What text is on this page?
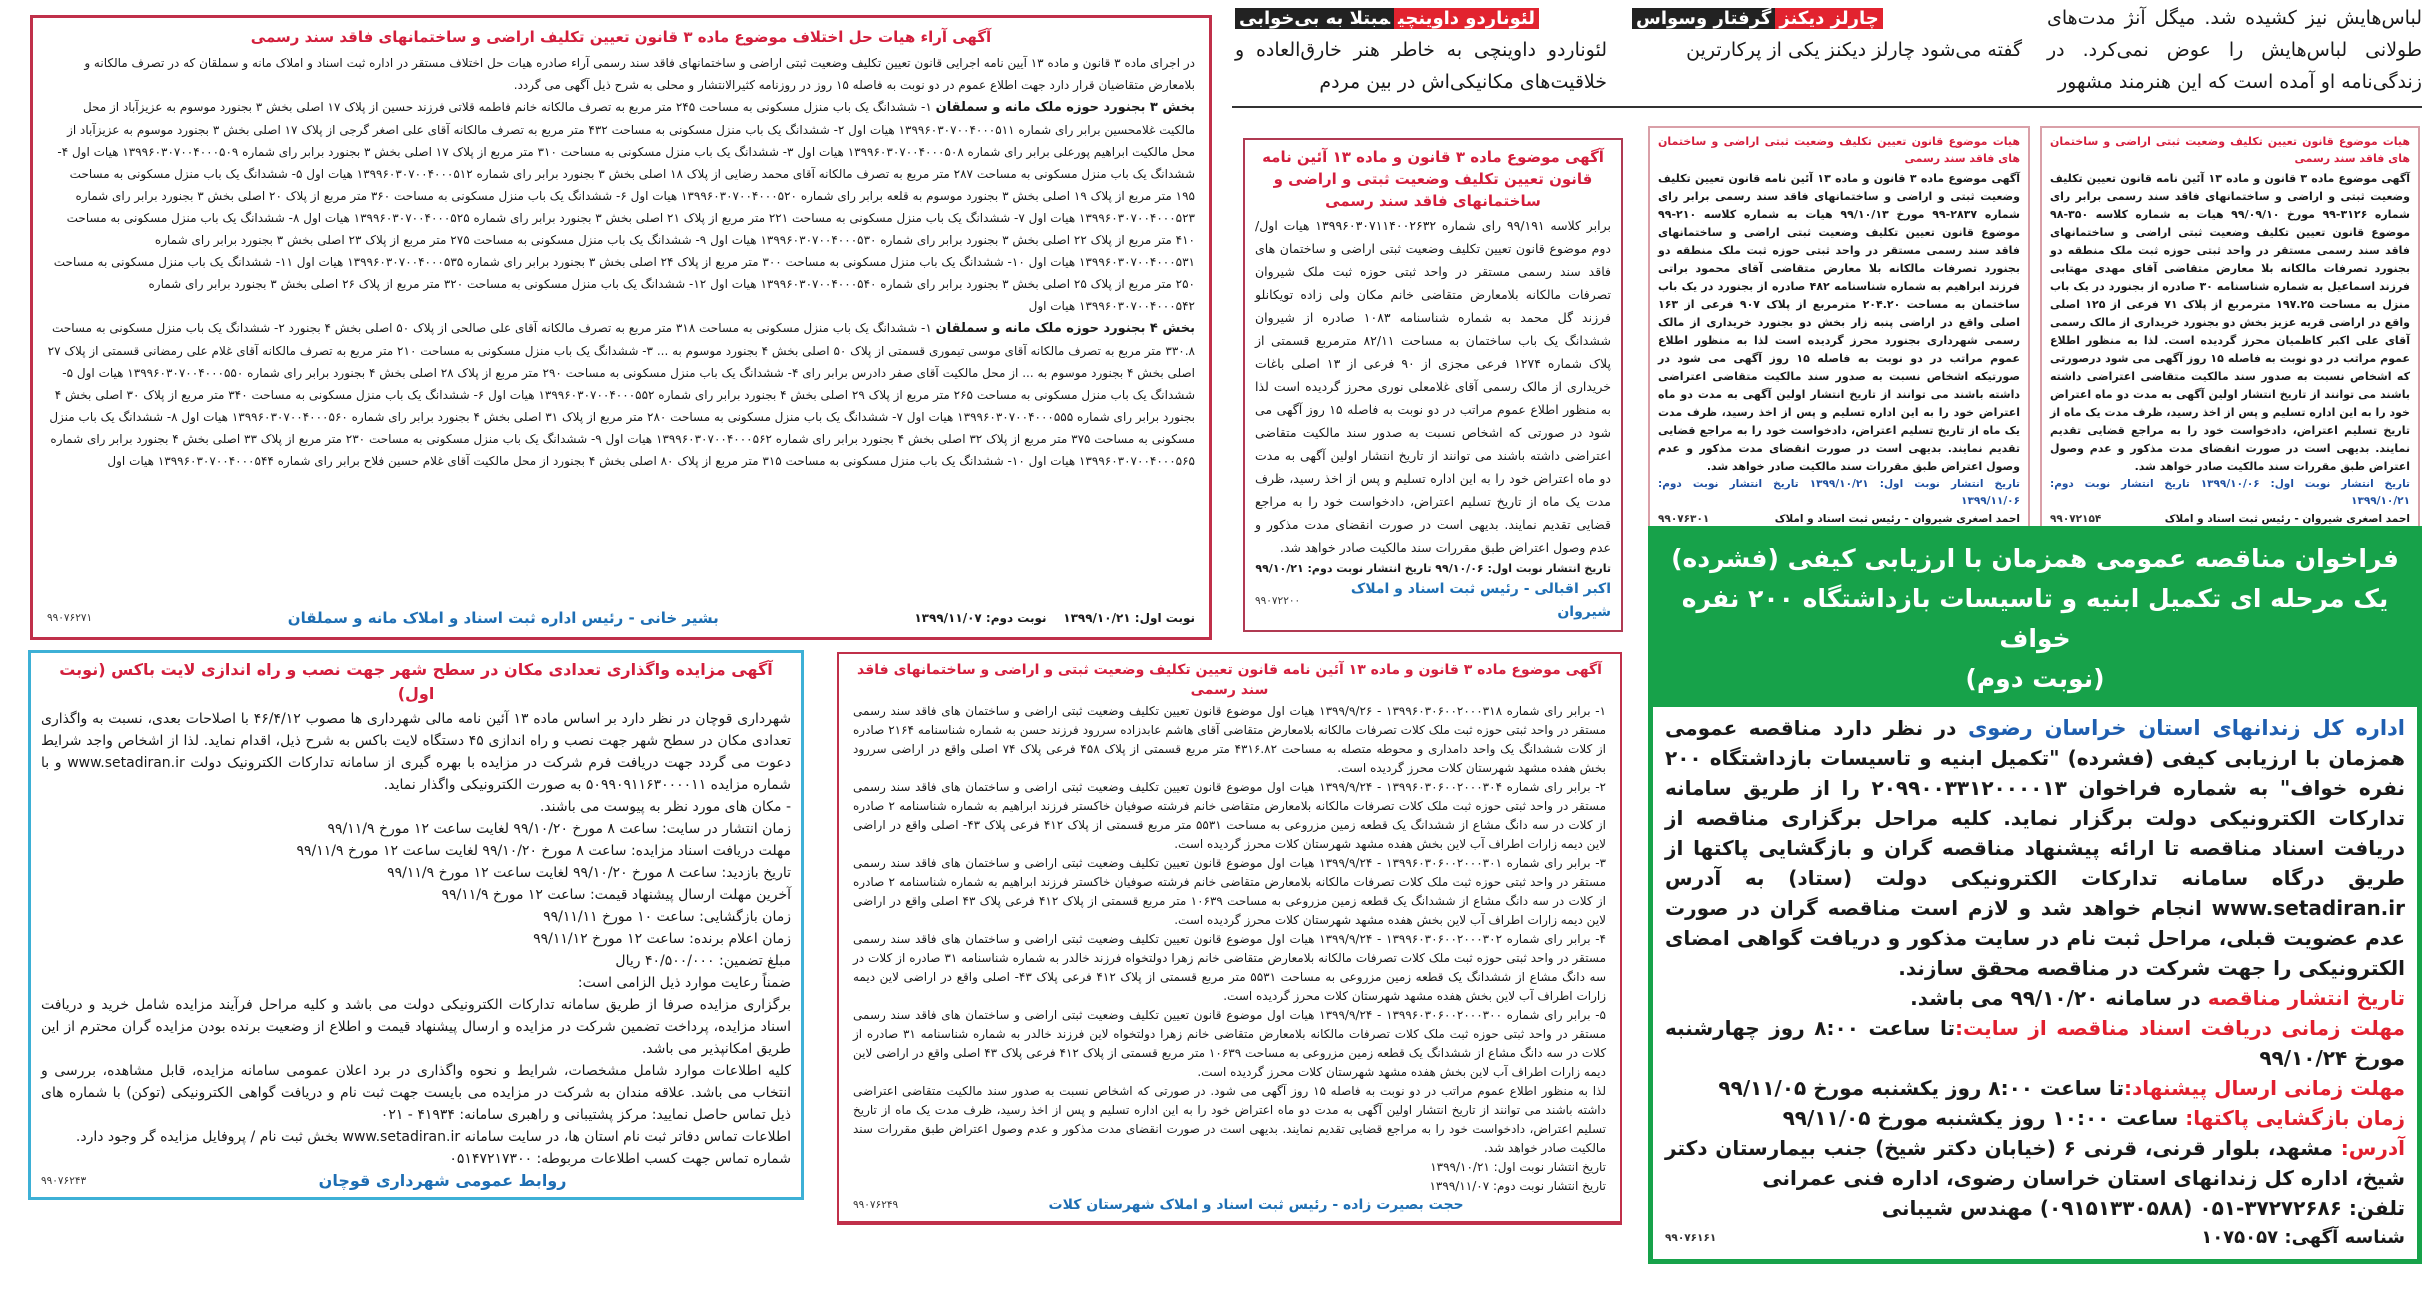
لباس‌هایش نیز کشیده شد. میگل آنژ مدت‌های طولانی لباس‌هایش را عوض نمی‌کرد. در زندگی‌نامه او آمده است که این هنرمند مشهور

چارلز دیکنزگرفتار وسواس

گفته می‌شود چارلز دیکنز یکی از پرکارترین

لئوناردو داوینچیمبتلا به بی‌خوابی

لئوناردو داوینچی به خاطر هنر خارق‌العاده و خلاقیت‌های مکانیکی‌اش در بین مردم

آگهی آراء هیات حل اختلاف موضوع ماده ۳ قانون تعیین تکلیف اراضی و ساختمانهای فاقد سند رسمی

در اجرای ماده ۳ قانون و ماده ۱۳ آیین نامه اجرایی قانون تعیین تکلیف وضعیت ثبتی اراضی و ساختمانهای فاقد سند رسمی آراء صادره هیات حل اختلاف مستقر در اداره ثبت اسناد و املاک مانه و سملقان که در تصرف مالکانه و بلامعارض متقاضیان قرار دارد جهت اطلاع عموم در دو نوبت به فاصله ۱۵ روز در روزنامه کثیرالانتشار و محلی به شرح ذیل آگهی می گردد.

بخش ۳ بجنورد حوزه ملک مانه و سملقان ۱- ششدانگ یک باب منزل مسکونی به مساحت ۲۴۵ متر مربع به تصرف مالکانه خانم فاطمه قلاتی فرزند حسین از پلاک ۱۷ اصلی بخش ۳ بجنورد موسوم به عزیزآباد از محل مالکیت غلامحسین برابر رای شماره ۱۳۹۹۶۰۳۰۷۰۰۴۰۰۰۵۱۱ هیات اول ۲- ششدانگ یک باب منزل مسکونی به مساحت ۴۳۲ متر مربع به تصرف مالکانه آقای علی اصغر گرجی از پلاک ۱۷ اصلی بخش ۳ بجنورد موسوم به عزیزآباد از محل مالکیت ابراهیم پورعلی برابر رای شماره ۱۳۹۹۶۰۳۰۷۰۰۴۰۰۰۵۰۸ هیات اول ۳- ششدانگ یک باب منزل مسکونی به مساحت ۳۱۰ متر مربع از پلاک ۱۷ اصلی بخش ۳ بجنورد برابر رای شماره ۱۳۹۹۶۰۳۰۷۰۰۴۰۰۰۵۰۹ هیات اول ۴- ششدانگ یک باب منزل مسکونی به مساحت ۲۸۷ متر مربع به تصرف مالکانه آقای محمد رضایی از پلاک ۱۸ اصلی بخش ۳ بجنورد برابر رای شماره ۱۳۹۹۶۰۳۰۷۰۰۴۰۰۰۵۱۲ هیات اول ۵- ششدانگ یک باب منزل مسکونی به مساحت ۱۹۵ متر مربع از پلاک ۱۹ اصلی بخش ۳ بجنورد موسوم به قلعه برابر رای شماره ۱۳۹۹۶۰۳۰۷۰۰۴۰۰۰۵۲۰ هیات اول ۶- ششدانگ یک باب منزل مسکونی به مساحت ۳۶۰ متر مربع از پلاک ۲۰ اصلی بخش ۳ بجنورد برابر رای شماره ۱۳۹۹۶۰۳۰۷۰۰۴۰۰۰۵۲۳ هیات اول ۷- ششدانگ یک باب منزل مسکونی به مساحت ۲۲۱ متر مربع از پلاک ۲۱ اصلی بخش ۳ بجنورد برابر رای شماره ۱۳۹۹۶۰۳۰۷۰۰۴۰۰۰۵۲۵ هیات اول ۸- ششدانگ یک باب منزل مسکونی به مساحت ۴۱۰ متر مربع از پلاک ۲۲ اصلی بخش ۳ بجنورد برابر رای شماره ۱۳۹۹۶۰۳۰۷۰۰۴۰۰۰۵۳۰ هیات اول ۹- ششدانگ یک باب منزل مسکونی به مساحت ۲۷۵ متر مربع از پلاک ۲۳ اصلی بخش ۳ بجنورد برابر رای شماره ۱۳۹۹۶۰۳۰۷۰۰۴۰۰۰۵۳۱ هیات اول ۱۰- ششدانگ یک باب منزل مسکونی به مساحت ۳۰۰ متر مربع از پلاک ۲۴ اصلی بخش ۳ بجنورد برابر رای شماره ۱۳۹۹۶۰۳۰۷۰۰۴۰۰۰۵۳۵ هیات اول ۱۱- ششدانگ یک باب منزل مسکونی به مساحت ۲۵۰ متر مربع از پلاک ۲۵ اصلی بخش ۳ بجنورد برابر رای شماره ۱۳۹۹۶۰۳۰۷۰۰۴۰۰۰۵۴۰ هیات اول ۱۲- ششدانگ یک باب منزل مسکونی به مساحت ۳۲۰ متر مربع از پلاک ۲۶ اصلی بخش ۳ بجنورد برابر رای شماره ۱۳۹۹۶۰۳۰۷۰۰۴۰۰۰۵۴۲ هیات اول

بخش ۴ بجنورد حوزه ملک مانه و سملقان ۱- ششدانگ یک باب منزل مسکونی به مساحت ۳۱۸ متر مربع به تصرف مالکانه آقای علی صالحی از پلاک ۵۰ اصلی بخش ۴ بجنورد ۲- ششدانگ یک باب منزل مسکونی به مساحت ۳۳۰.۸ متر مربع به تصرف مالکانه آقای موسی تیموری قسمتی از پلاک ۵۰ اصلی بخش ۴ بجنورد موسوم به ... ۳- ششدانگ یک باب منزل مسکونی به مساحت ۲۱۰ متر مربع به تصرف مالکانه آقای غلام علی رمضانی قسمتی از پلاک ۲۷ اصلی بخش ۴ بجنورد موسوم به ... از محل مالکیت آقای صفر دادرس برابر رای ۴- ششدانگ یک باب منزل مسکونی به مساحت ۲۹۰ متر مربع از پلاک ۲۸ اصلی بخش ۴ بجنورد برابر رای شماره ۱۳۹۹۶۰۳۰۷۰۰۴۰۰۰۵۵۰ هیات اول ۵- ششدانگ یک باب منزل مسکونی به مساحت ۲۶۵ متر مربع از پلاک ۲۹ اصلی بخش ۴ بجنورد برابر رای شماره ۱۳۹۹۶۰۳۰۷۰۰۴۰۰۰۵۵۲ هیات اول ۶- ششدانگ یک باب منزل مسکونی به مساحت ۳۴۰ متر مربع از پلاک ۳۰ اصلی بخش ۴ بجنورد برابر رای شماره ۱۳۹۹۶۰۳۰۷۰۰۴۰۰۰۵۵۵ هیات اول ۷- ششدانگ یک باب منزل مسکونی به مساحت ۲۸۰ متر مربع از پلاک ۳۱ اصلی بخش ۴ بجنورد برابر رای شماره ۱۳۹۹۶۰۳۰۷۰۰۴۰۰۰۵۶۰ هیات اول ۸- ششدانگ یک باب منزل مسکونی به مساحت ۳۷۵ متر مربع از پلاک ۳۲ اصلی بخش ۴ بجنورد برابر رای شماره ۱۳۹۹۶۰۳۰۷۰۰۴۰۰۰۵۶۲ هیات اول ۹- ششدانگ یک باب منزل مسکونی به مساحت ۲۳۰ متر مربع از پلاک ۳۳ اصلی بخش ۴ بجنورد برابر رای شماره ۱۳۹۹۶۰۳۰۷۰۰۴۰۰۰۵۶۵ هیات اول ۱۰- ششدانگ یک باب منزل مسکونی به مساحت ۳۱۵ متر مربع از پلاک ۸۰ اصلی بخش ۴ بجنورد از محل مالکیت آقای غلام حسین فلاح برابر رای شماره ۱۳۹۹۶۰۳۰۷۰۰۴۰۰۰۵۴۴ هیات اول

نوبت اول: ۱۳۹۹/۱۰/۲۱    نوبت دوم: ۱۳۹۹/۱۱/۰۷
بشیر خانی - رئیس اداره ثبت اسناد و املاک مانه و سملقان
۹۹۰۷۶۲۷۱
آگهی موضوع ماده ۳ قانون و ماده ۱۳ آئین نامه قانون تعیین تکلیف وضعیت ثبتی و اراضی و ساختمانهای فاقد سند رسمی

برابر کلاسه ۹۹/۱۹۱ رای شماره ۱۳۹۹۶۰۳۰۷۱۱۴۰۰۲۶۳۲ هیات اول/ دوم موضوع قانون تعیین تکلیف وضعیت ثبتی اراضی و ساختمان های فاقد سند رسمی مستقر در واحد ثبتی حوزه ثبت ملک شیروان تصرفات مالکانه بلامعارض متقاضی خانم مکان ولی زاده تویکانلو فرزند گل محمد به شماره شناسنامه ۱۰۸۳ صادره از شیروان ششدانگ یک باب ساختمان به مساحت ۸۲/۱۱ مترمربع قسمتی از پلاک شماره ۱۲۷۴ فرعی مجزی از ۹۰ فرعی از ۱۳ اصلی باغات خریداری از مالک رسمی آقای غلامعلی نوری محرز گردیده است لذا به منظور اطلاع عموم مراتب در دو نوبت به فاصله ۱۵ روز آگهی می شود در صورتی که اشخاص نسبت به صدور سند مالکیت متقاضی اعتراضی داشته باشند می توانند از تاریخ انتشار اولین آگهی به مدت دو ماه اعتراض خود را به این اداره تسلیم و پس از اخذ رسید، ظرف مدت یک ماه از تاریخ تسلیم اعتراض، دادخواست خود را به مراجع قضایی تقدیم نمایند. بدیهی است در صورت انقضای مدت مذکور و عدم وصول اعتراض طبق مقررات سند مالکیت صادر خواهد شد.

تاریخ انتشار نوبت اول: ۹۹/۱۰/۰۶ تاریخ انتشار نوبت دوم: ۹۹/۱۰/۲۱

اکبر اقبالی - رئیس ثبت اسناد و املاک شیروان
۹۹۰۷۲۲۰۰
هیات موضوع قانون تعیین تکلیف وضعیت ثبتی اراضی و ساختمان های فاقد سند رسمی

آگهی موضوع ماده ۳ قانون و ماده ۱۳ آئین نامه قانون تعیین تکلیف وضعیت ثبتی و اراضی و ساختمانهای فاقد سند رسمی برابر رای شماره ۲۸۳۷-۹۹ مورخ ۹۹/۱۰/۱۳ هیات به شماره کلاسه ۲۱۰-۹۹ موضوع قانون تعیین تکلیف وضعیت ثبتی اراضی و ساختمانهای فاقد سند رسمی مستقر در واحد ثبتی حوزه ثبت ملک منطقه دو بجنورد تصرفات مالکانه بلا معارض متقاضی آقای محمود براتی فرزند ابراهیم به شماره شناسنامه ۴۸۲ صادره از بجنورد در یک باب ساختمان به مساحت ۲۰۴.۲۰ مترمربع از پلاک ۹۰۷ فرعی از ۱۶۳ اصلی واقع در اراضی پنبه زار بخش دو بجنورد خریداری از مالک رسمی شهرداری بجنورد محرز گردیده است لذا به منظور اطلاع عموم مراتب در دو نوبت به فاصله ۱۵ روز آگهی می شود در صورتیکه اشخاص نسبت به صدور سند مالکیت متقاضی اعتراضی داشته باشند می توانند از تاریخ انتشار اولین آگهی به مدت دو ماه اعتراض خود را به این اداره تسلیم و پس از اخذ رسید، ظرف مدت یک ماه از تاریخ تسلیم اعتراض، دادخواست خود را به مراجع قضایی تقدیم نمایند. بدیهی است در صورت انقضای مدت مذکور و عدم وصول اعتراض طبق مقررات سند مالکیت صادر خواهد شد.

تاریخ انتشار نوبت اول: ۱۳۹۹/۱۰/۲۱ تاریخ انتشار نوبت دوم: ۱۳۹۹/۱۱/۰۶

احمد اصغری شیروان - رئیس ثبت اسناد و املاک
۹۹۰۷۶۳۰۱
هیات موضوع قانون تعیین تکلیف وضعیت ثبتی اراضی و ساختمان های فاقد سند رسمی

آگهی موضوع ماده ۳ قانون و ماده ۱۳ آئین نامه قانون تعیین تکلیف وضعیت ثبتی و اراضی و ساختمانهای فاقد سند رسمی برابر رای شماره ۳۱۲۶-۹۹ مورخ ۹۹/۰۹/۱۰ هیات به شماره کلاسه ۳۵۰-۹۸ موضوع قانون تعیین تکلیف وضعیت ثبتی اراضی و ساختمانهای فاقد سند رسمی مستقر در واحد ثبتی حوزه ثبت ملک منطقه دو بجنورد تصرفات مالکانه بلا معارض متقاضی آقای مهدی مهتابی فرزند اسماعیل به شماره شناسنامه ۳۰ صادره از بجنورد در یک باب منزل به مساحت ۱۹۷.۲۵ مترمربع از پلاک ۷۱ فرعی از ۱۲۵ اصلی واقع در اراضی قریه عزیز بخش دو بجنورد خریداری از مالک رسمی آقای علی اکبر کاظمیان محرز گردیده است. لذا به منظور اطلاع عموم مراتب در دو نوبت به فاصله ۱۵ روز آگهی می شود درصورتی که اشخاص نسبت به صدور سند مالکیت متقاضی اعتراضی داشته باشند می توانند از تاریخ انتشار اولین آگهی به مدت دو ماه اعتراض خود را به این اداره تسلیم و پس از اخذ رسید، ظرف مدت یک ماه از تاریخ تسلیم اعتراض، دادخواست خود را به مراجع قضایی تقدیم نمایند. بدیهی است در صورت انقضای مدت مذکور و عدم وصول اعتراض طبق مقررات سند مالکیت صادر خواهد شد.

تاریخ انتشار نوبت اول: ۱۳۹۹/۱۰/۰۶ تاریخ انتشار نوبت دوم: ۱۳۹۹/۱۰/۲۱

احمد اصغری شیروان - رئیس ثبت اسناد و املاک
۹۹۰۷۲۱۵۴
فراخوان مناقصه عمومی همزمان با ارزیابی کیفی (فشرده)
یک مرحله ای تکمیل ابنیه و تاسیسات بازداشتگاه ۲۰۰ نفره خواف
(نوبت دوم)

اداره کل زندانهای استان خراسان رضوی در نظر دارد مناقصه عمومی همزمان با ارزیابی کیفی (فشرده) "تکمیل ابنیه و تاسیسات بازداشتگاه ۲۰۰ نفره خواف" به شماره فراخوان ۲۰۹۹۰۰۳۳۱۲۰۰۰۰۱۳ را از طریق سامانه تدارکات الکترونیکی دولت برگزار نماید. کلیه مراحل برگزاری مناقصه از دریافت اسناد مناقصه تا ارائه پیشنهاد مناقصه گران و بازگشایی پاکتها از طریق درگاه سامانه تدارکات الکترونیکی دولت (ستاد) به آدرس www.setadiran.ir انجام خواهد شد و لازم است مناقصه گران در صورت عدم عضویت قبلی، مراحل ثبت نام در سایت مذکور و دریافت گواهی امضای الکترونیکی را جهت شرکت در مناقصه محقق سازند.

تاریخ انتشار مناقصه در سامانه ۹۹/۱۰/۲۰ می باشد.

مهلت زمانی دریافت اسناد مناقصه از سایت:تا ساعت ۸:۰۰ روز چهارشنبه مورخ ۹۹/۱۰/۲۴

مهلت زمانی ارسال پیشنهاد:تا ساعت ۸:۰۰ روز یکشنبه مورخ ۹۹/۱۱/۰۵

زمان بازگشایی پاکتها: ساعت ۱۰:۰۰ روز یکشنبه مورخ ۹۹/۱۱/۰۵

آدرس: مشهد، بلوار قرنی، قرنی ۶ (خیابان دکتر شیخ) جنب بیمارستان دکتر شیخ، اداره کل زندانهای استان خراسان رضوی، اداره فنی عمرانی

تلفن: ۳۷۲۷۲۶۸۶-۰۵۱ (۰۹۱۵۱۳۳۰۵۸۸) مهندس شیبانی

شناسه آگهی: ۱۰۷۵۰۵۷
۹۹۰۷۶۱۶۱
آگهی مزایده واگذاری تعدادی مکان در سطح شهر جهت نصب و راه اندازی لایت باکس (نوبت اول)

شهرداری قوچان در نظر دارد بر اساس ماده ۱۳ آئین نامه مالی شهرداری ها مصوب ۴۶/۴/۱۲ با اصلاحات بعدی، نسبت به واگذاری تعدادی مکان در سطح شهر جهت نصب و راه اندازی ۴۵ دستگاه لایت باکس به شرح ذیل، اقدام نماید. لذا از اشخاص واجد شرایط دعوت می گردد جهت دریافت فرم شرکت در مزایده با بهره گیری از سامانه تدارکات الکترونیک دولت www.setadiran.ir و با شماره مزایده ۵۰۹۹۰۹۱۱۶۳۰۰۰۰۱۱ به صورت الکترونیکی واگذار نماید.

- مکان های مورد نظر به پیوست می باشند.

زمان انتشار در سایت: ساعت ۸ مورخ ۹۹/۱۰/۲۰ لغایت ساعت ۱۲ مورخ ۹۹/۱۱/۹

مهلت دریافت اسناد مزایده: ساعت ۸ مورخ ۹۹/۱۰/۲۰ لغایت ساعت ۱۲ مورخ ۹۹/۱۱/۹

تاریخ بازدید: ساعت ۸ مورخ ۹۹/۱۰/۲۰ لغایت ساعت ۱۲ مورخ ۹۹/۱۱/۹

آخرین مهلت ارسال پیشنهاد قیمت: ساعت ۱۲ مورخ ۹۹/۱۱/۹

زمان بازگشایی: ساعت ۱۰ مورخ ۹۹/۱۱/۱۱

زمان اعلام برنده: ساعت ۱۲ مورخ ۹۹/۱۱/۱۲

مبلغ تضمین: ۴۰/۵۰۰/۰۰۰ ریال

ضمناً رعایت موارد ذیل الزامی است:

برگزاری مزایده صرفا از طریق سامانه تدارکات الکترونیکی دولت می باشد و کلیه مراحل فرآیند مزایده شامل خرید و دریافت اسناد مزایده، پرداخت تضمین شرکت در مزایده و ارسال پیشنهاد قیمت و اطلاع از وضعیت برنده بودن مزایده گران محترم از این طریق امکانپذیر می باشد.

کلیه اطلاعات موارد شامل مشخصات، شرایط و نحوه واگذاری در برد اعلان عمومی سامانه مزایده، قابل مشاهده، بررسی و انتخاب می باشد. علاقه مندان به شرکت در مزایده می بایست جهت ثبت نام و دریافت گواهی الکترونیکی (توکن) با شماره های ذیل تماس حاصل نمایید: مرکز پشتیبانی و راهبری سامانه: ۴۱۹۳۴ - ۰۲۱

اطلاعات تماس دفاتر ثبت نام استان ها، در سایت سامانه www.setadiran.ir بخش ثبت نام / پروفایل مزایده گر وجود دارد.

شماره تماس جهت کسب اطلاعات مربوطه: ۰۵۱۴۷۲۱۷۳۰۰

۹۹۰۷۶۲۴۳	روابط عمومی شهرداری قوچان
آگهی موضوع ماده ۳ قانون و ماده ۱۳ آئین نامه قانون تعیین تکلیف وضعیت ثبتی و اراضی و ساختمانهای فاقد سند رسمی

۱- برابر رای شماره ۱۳۹۹۶۰۳۰۶۰۰۲۰۰۰۳۱۸ - ۱۳۹۹/۹/۲۶ هیات اول موضوع قانون تعیین تکلیف وضعیت ثبتی اراضی و ساختمان های فاقد سند رسمی مستقر در واحد ثبتی حوزه ثبت ملک کلات تصرفات مالکانه بلامعارض متقاضی آقای هاشم عابدزاده سررود فرزند حسن به شماره شناسنامه ۲۱۶۴ صادره از کلات ششدانگ یک واحد دامداری و محوطه متصله به مساحت ۴۳۱۶.۸۲ متر مربع قسمتی از پلاک ۴۵۸ فرعی پلاک ۷۴ اصلی واقع در اراضی سررود بخش هفده مشهد شهرستان کلات محرز گردیده است.

۲- برابر رای شماره ۱۳۹۹۶۰۳۰۶۰۰۲۰۰۰۳۰۴ - ۱۳۹۹/۹/۲۴ هیات اول موضوع قانون تعیین تکلیف وضعیت ثبتی اراضی و ساختمان های فاقد سند رسمی مستقر در واحد ثبتی حوزه ثبت ملک کلات تصرفات مالکانه بلامعارض متقاضی خانم فرشته صوفیان خاکستر فرزند ابراهیم به شماره شناسنامه ۲ صادره از کلات در سه دانگ مشاع از ششدانگ یک قطعه زمین مزروعی به مساحت ۵۵۳۱ متر مربع قسمتی از پلاک ۴۱۲ فرعی پلاک ۴۳- اصلی واقع در اراضی لاین دیمه زارات اطراف آب لاین بخش هفده مشهد شهرستان کلات محرز گردیده است.

۳- برابر رای شماره ۱۳۹۹۶۰۳۰۶۰۰۲۰۰۰۳۰۱ - ۱۳۹۹/۹/۲۴ هیات اول موضوع قانون تعیین تکلیف وضعیت ثبتی اراضی و ساختمان های فاقد سند رسمی مستقر در واحد ثبتی حوزه ثبت ملک کلات تصرفات مالکانه بلامعارض متقاضی خانم فرشته صوفیان خاکستر فرزند ابراهیم به شماره شناسنامه ۲ صادره از کلات در سه دانگ مشاع از ششدانگ یک قطعه زمین مزروعی به مساحت ۱۰۶۳۹ متر مربع قسمتی از پلاک ۴۱۲ فرعی پلاک ۴۳ اصلی واقع در اراضی لاین دیمه زارات اطراف آب لاین بخش هفده مشهد شهرستان کلات محرز گردیده است.

۴- برابر رای شماره ۱۳۹۹۶۰۳۰۶۰۰۲۰۰۰۳۰۲ - ۱۳۹۹/۹/۲۴ هیات اول موضوع قانون تعیین تکلیف وضعیت ثبتی اراضی و ساختمان های فاقد سند رسمی مستقر در واحد ثبتی حوزه ثبت ملک کلات تصرفات مالکانه بلامعارض متقاضی خانم زهرا دولتخواه فرزند خالدر به شماره شناسنامه ۳۱ صادره از کلات در سه دانگ مشاع از ششدانگ یک قطعه زمین مزروعی به مساحت ۵۵۳۱ متر مربع قسمتی از پلاک ۴۱۲ فرعی پلاک ۴۳- اصلی واقع در اراضی لاین دیمه زارات اطراف آب لاین بخش هفده مشهد شهرستان کلات محرز گردیده است.

۵- برابر رای شماره ۱۳۹۹۶۰۳۰۶۰۰۲۰۰۰۳۰۰ - ۱۳۹۹/۹/۲۴ هیات اول موضوع قانون تعیین تکلیف وضعیت ثبتی اراضی و ساختمان های فاقد سند رسمی مستقر در واحد ثبتی حوزه ثبت ملک کلات تصرفات مالکانه بلامعارض متقاضی خانم زهرا دولتخواه لاین فرزند خالدر به شماره شناسنامه ۳۱ صادره از کلات در سه دانگ مشاع از ششدانگ یک قطعه زمین مزروعی به مساحت ۱۰۶۳۹ متر مربع قسمتی از پلاک ۴۱۲ فرعی پلاک ۴۳ اصلی واقع در اراضی لاین دیمه زارات اطراف آب لاین بخش هفده مشهد شهرستان کلات محرز گردیده است.

لذا به منظور اطلاع عموم مراتب در دو نوبت به فاصله ۱۵ روز آگهی می شود. در صورتی که اشخاص نسبت به صدور سند مالکیت متقاضی اعتراضی داشته باشند می توانند از تاریخ انتشار اولین آگهی به مدت دو ماه اعتراض خود را به این اداره تسلیم و پس از اخذ رسید، ظرف مدت یک ماه از تاریخ تسلیم اعتراض، دادخواست خود را به مراجع قضایی تقدیم نمایند. بدیهی است در صورت انقضای مدت مذکور و عدم وصول اعتراض طبق مقررات سند مالکیت صادر خواهد شد.

تاریخ انتشار نوبت اول: ۱۳۹۹/۱۰/۲۱

تاریخ انتشار نوبت دوم: ۱۳۹۹/۱۱/۰۷

۹۹۰۷۶۲۴۹	حجت بصیرت زاده - رئیس ثبت اسناد و املاک شهرستان کلات
